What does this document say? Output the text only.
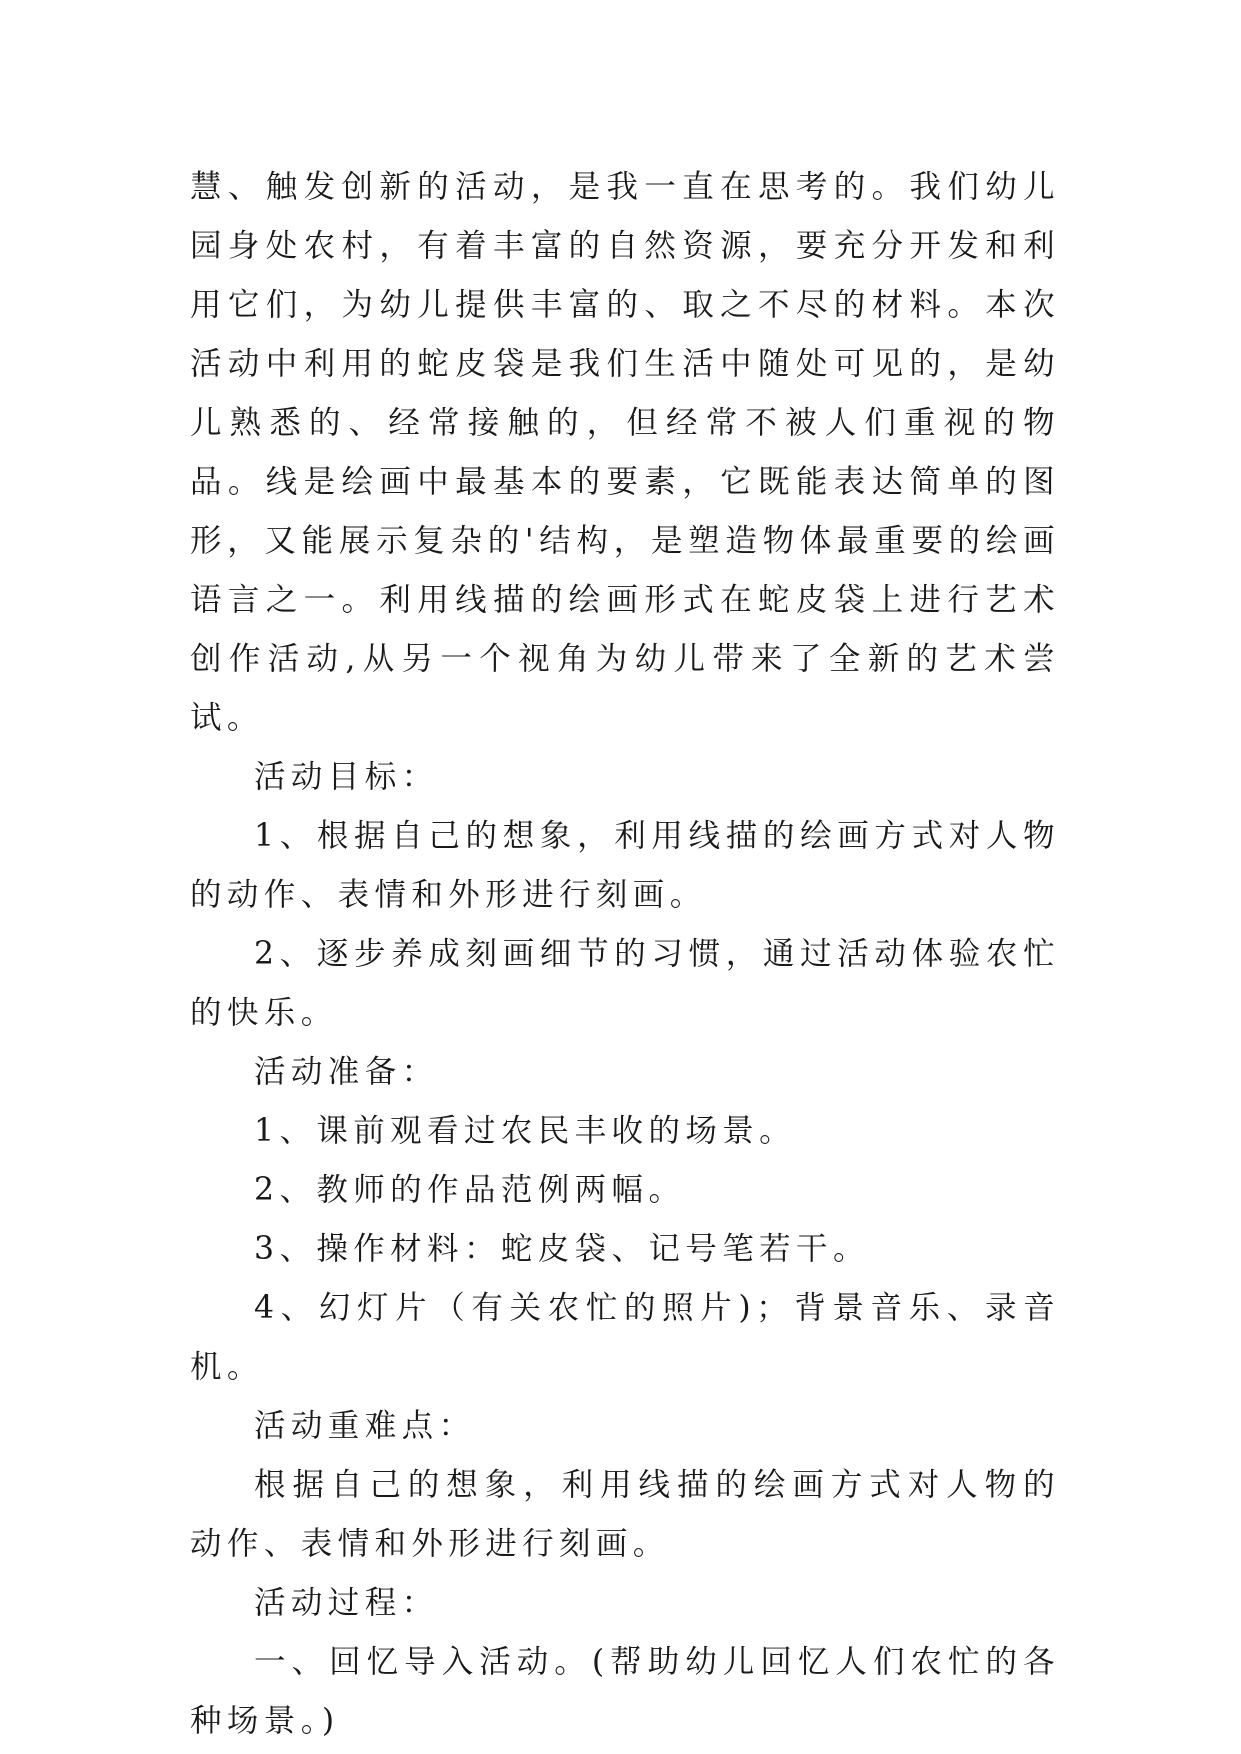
慧、触发创新的活动，是我一直在思考的。我们幼儿园身处农村，有着丰富的自然资源，要充分开发和利用它们，为幼儿提供丰富的、取之不尽的材料。本次活动中利用的蛇皮袋是我们生活中随处可见的，是幼儿熟悉的、经常接触的，但经常不被人们重视的物品。线是绘画中最基本的要素，它既能表达简单的图形，又能展示复杂的'结构，是塑造物体最重要的绘画语言之一。利用线描的绘画形式在蛇皮袋上进行艺术创作活动,从另一个视角为幼儿带来了全新的艺术尝试。

活动目标：

1、根据自己的想象，利用线描的绘画方式对人物的动作、表情和外形进行刻画。

2、逐步养成刻画细节的习惯，通过活动体验农忙的快乐。

活动准备：

1、课前观看过农民丰收的场景。

2、教师的作品范例两幅。

3、操作材料：蛇皮袋、记号笔若干。

4、幻灯片（有关农忙的照片)；背景音乐、录音机。

活动重难点：

根据自己的想象，利用线描的绘画方式对人物的动作、表情和外形进行刻画。

活动过程：

一、回忆导入活动。(帮助幼儿回忆人们农忙的各种场景。)
